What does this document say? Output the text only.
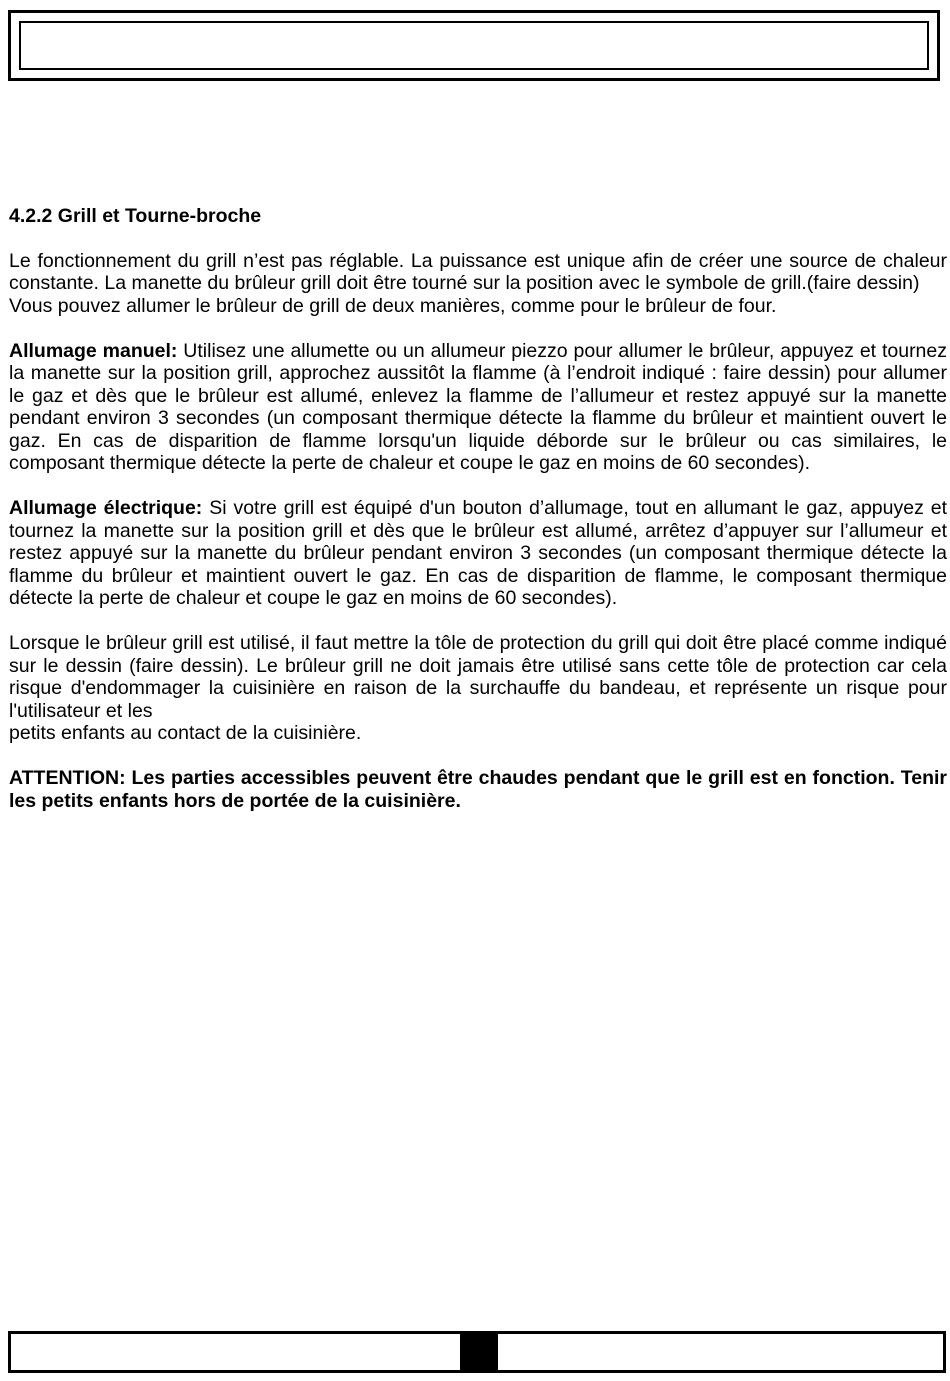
4.2.2 Grill et Tourne-broche

Le fonctionnement du grill n’est pas réglable. La puissance est unique afin de créer une source de chaleur constante. La manette du brûleur grill doit être tourné sur la position avec le symbole de grill.(faire dessin)

Vous pouvez allumer le brûleur de grill de deux manières, comme pour le brûleur de four.

Allumage manuel: Utilisez une allumette ou un allumeur piezzo pour allumer le brûleur, appuyez et tournez la manette sur la position grill, approchez aussitôt la flamme (à l’endroit indiqué : faire dessin) pour allumer le gaz et dès que le brûleur est allumé, enlevez la flamme de l’allumeur et restez appuyé sur la manette pendant environ 3 secondes (un composant thermique détecte la flamme du brûleur et maintient ouvert le gaz. En cas de disparition de flamme lorsqu'un liquide déborde sur le brûleur ou cas similaires, le composant thermique détecte la perte de chaleur et coupe le gaz en moins de 60 secondes).

Allumage électrique: Si votre grill est équipé d'un bouton d’allumage, tout en allumant le gaz, appuyez et tournez la manette sur la position grill et dès que le brûleur est allumé, arrêtez d’appuyer sur l’allumeur et restez appuyé sur la manette du brûleur pendant environ 3 secondes (un composant thermique détecte la flamme du brûleur et maintient ouvert le gaz. En cas de disparition de flamme, le composant thermique détecte la perte de chaleur et coupe le gaz en moins de 60 secondes).

Lorsque le brûleur grill est utilisé, il faut mettre la tôle de protection du grill qui doit être placé comme indiqué sur le dessin (faire dessin). Le brûleur grill ne doit jamais être utilisé sans cette tôle de protection car cela risque d'endommager la cuisinière en raison de la surchauffe du bandeau, et représente un risque pour l'utilisateur et les

petits enfants au contact de la cuisinière.

ATTENTION: Les parties accessibles peuvent être chaudes pendant que le grill est en fonction. Tenir les petits enfants hors de portée de la cuisinière.
